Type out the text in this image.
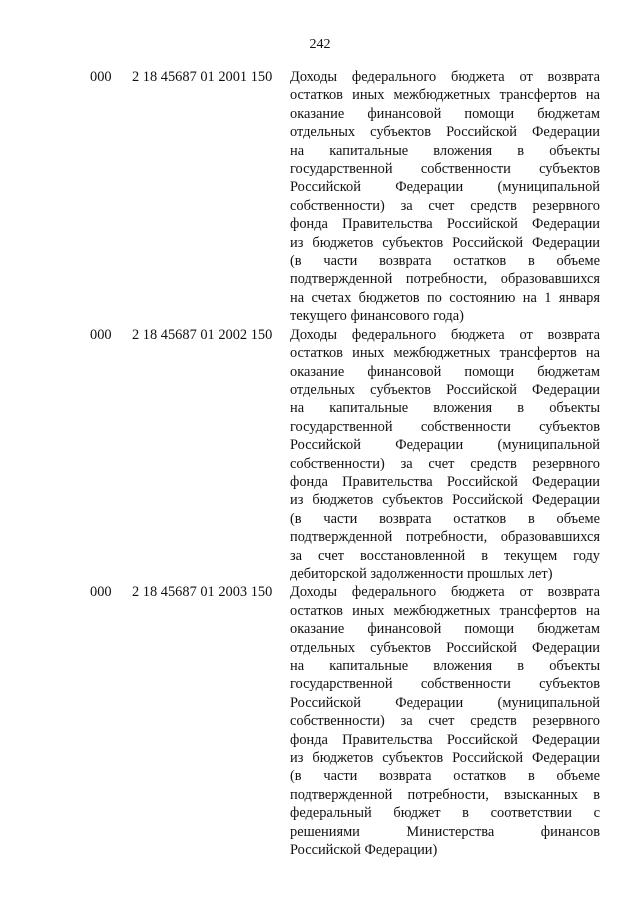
242
000 2 18 45687 01 2001 150 Доходы федерального бюджета от возврата
остатков иных межбюджетных трансфертов на
оказание финансовой помощи бюджетам
отдельных субъектов Российской Федерации
на капитальные вложения в объекты
государственной собственности субъектов
Российской Федерации (муниципальной
собственности) за счет средств резервного
фонда Правительства Российской Федерации
из бюджетов субъектов Российской Федерации
(в части возврата остатков в объеме
подтвержденной потребности, образовавшихся
на счетах бюджетов по состоянию на 1 января
текущего финансового года)
000 2 18 45687 01 2002 150 Доходы федерального бюджета от возврата
остатков иных межбюджетных трансфертов на
оказание финансовой помощи бюджетам
отдельных субъектов Российской Федерации
на капитальные вложения в объекты
государственной собственности субъектов
Российской Федерации (муниципальной
собственности) за счет средств резервного
фонда Правительства Российской Федерации
из бюджетов субъектов Российской Федерации
(в части возврата остатков в объеме
подтвержденной потребности, образовавшихся
за счет восстановленной в текущем году
дебиторской задолженности прошлых лет)
000 2 18 45687 01 2003 150 Доходы федерального бюджета от возврата
остатков иных межбюджетных трансфертов на
оказание финансовой помощи бюджетам
отдельных субъектов Российской Федерации
на капитальные вложения в объекты
государственной собственности субъектов
Российской Федерации (муниципальной
собственности) за счет средств резервного
фонда Правительства Российской Федерации
из бюджетов субъектов Российской Федерации
(в части возврата остатков в объеме
подтвержденной потребности, взысканных в
федеральный бюджет в соответствии с
решениями Министерства финансов
Российской Федерации)
